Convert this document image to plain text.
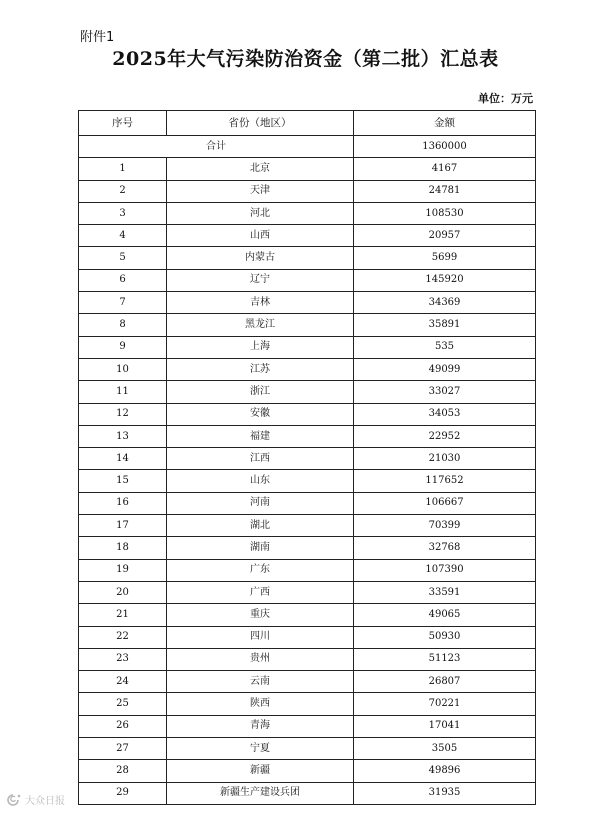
附件1
2025年大气污染防治资金（第二批）汇总表
单位：万元
序号	省份（地区）	金额
合计		1360000
1	北京	4167
2	天津	24781
3	河北	108530
4	山西	20957
5	内蒙古	5699
6	辽宁	145920
7	吉林	34369
8	黑龙江	35891
9	上海	535
10	江苏	49099
11	浙江	33027
12	安徽	34053
13	福建	22952
14	江西	21030
15	山东	117652
16	河南	106667
17	湖北	70399
18	湖南	32768
19	广东	107390
20	广西	33591
21	重庆	49065
22	四川	50930
23	贵州	51123
24	云南	26807
25	陕西	70221
26	青海	17041
27	宁夏	3505
28	新疆	49896
29	新疆生产建设兵团	31935
大众日报
